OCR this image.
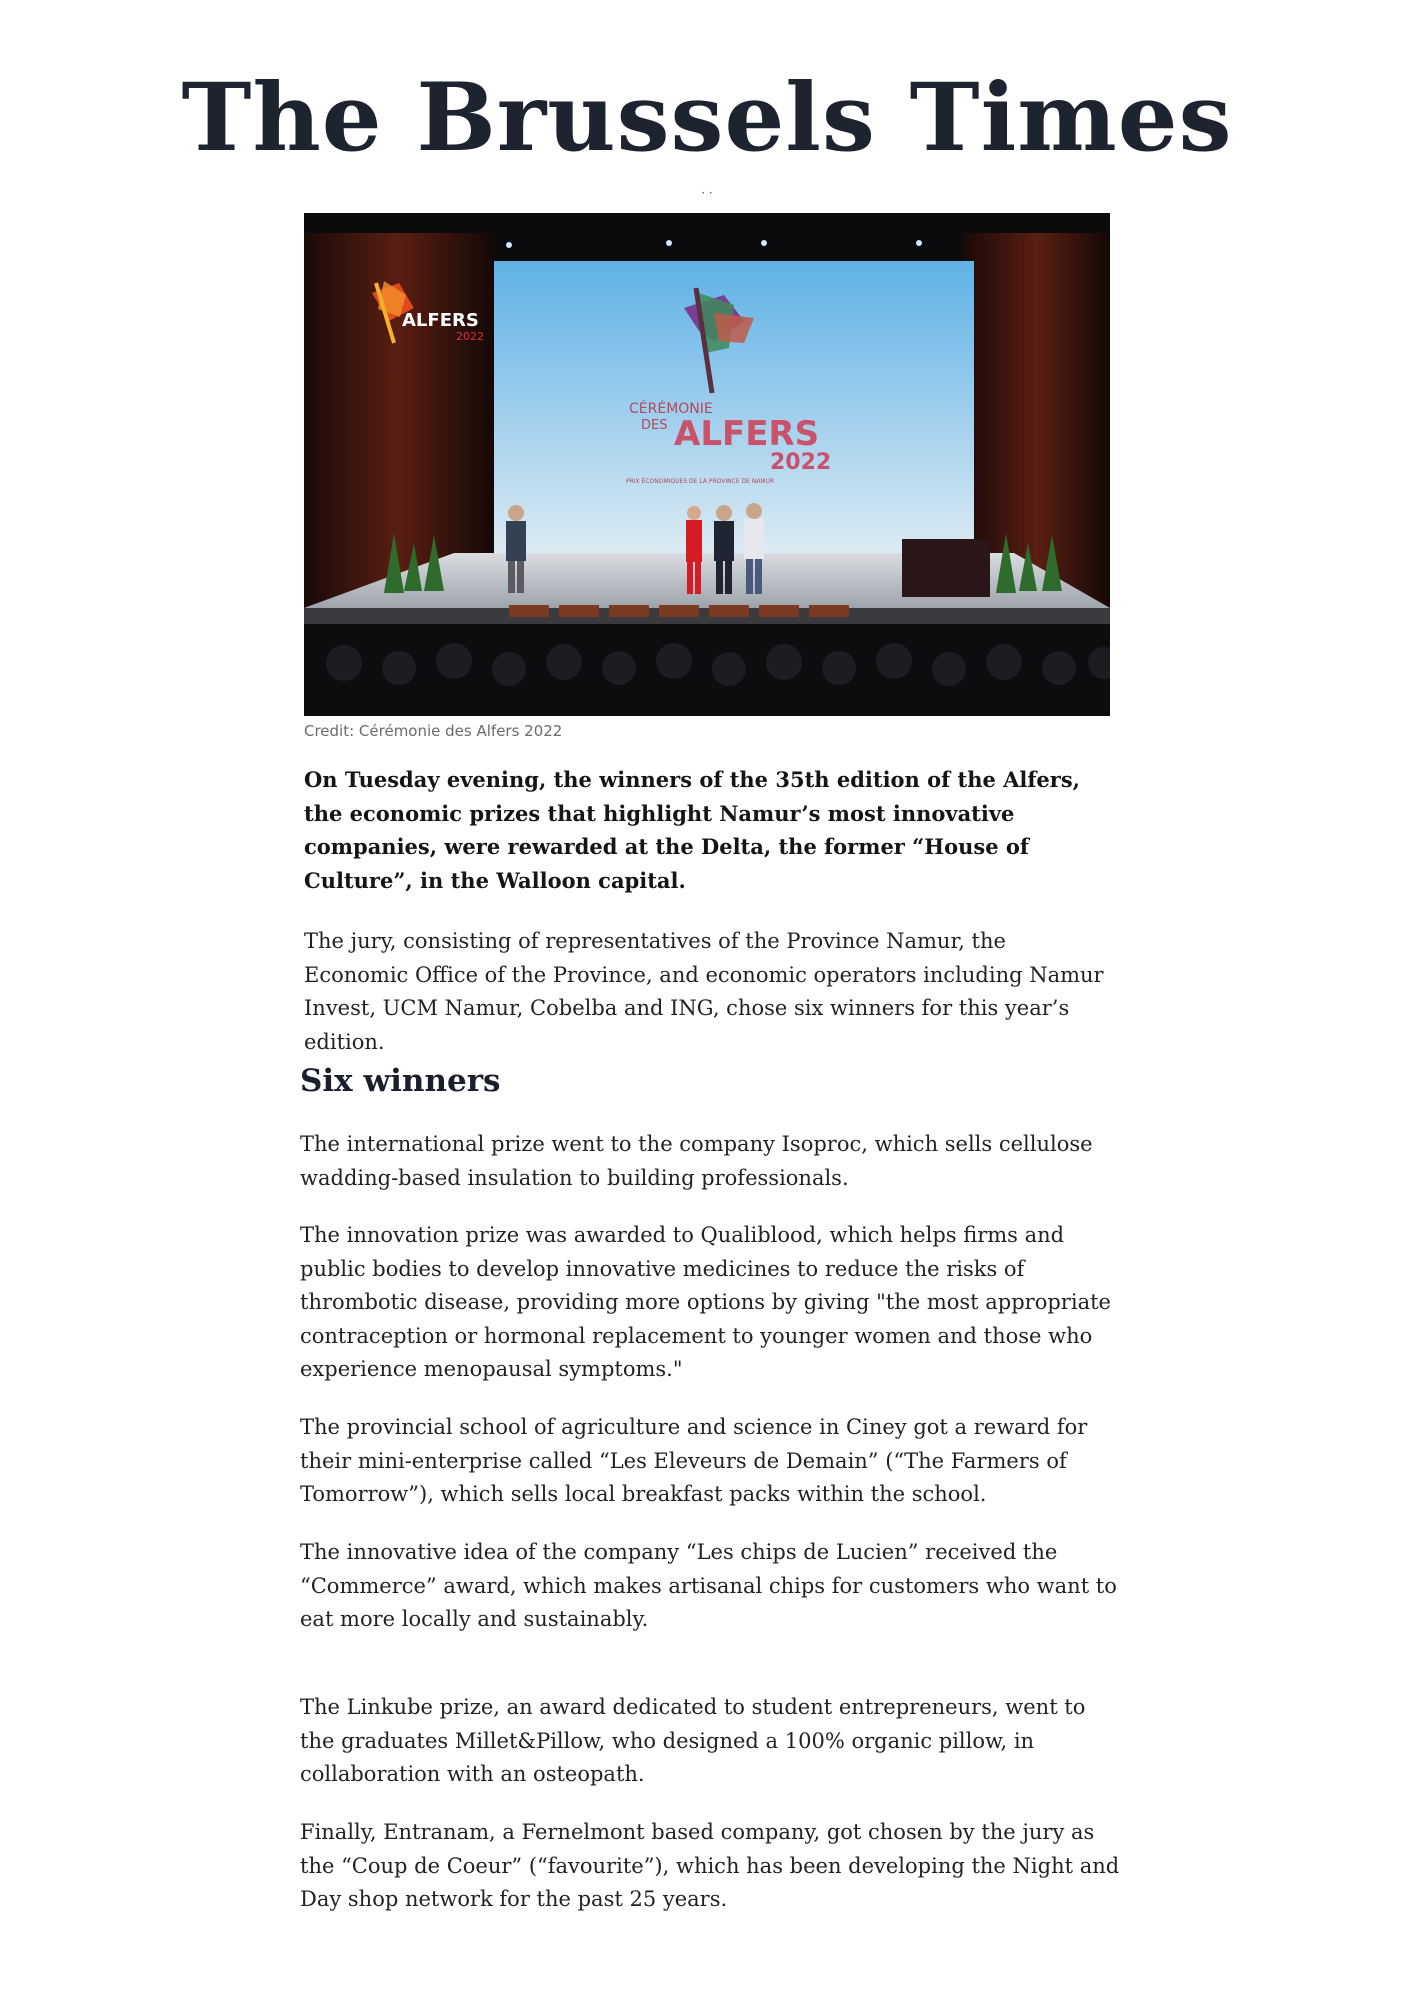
The Brussels Times
· ·
CÉRÉMONIE
DES ALFERS
2022
PRIX ÉCONOMIQUES DE LA PROVINCE DE NAMUR
ALFERS
2022
Credit: Cérémonie des Alfers 2022

On Tuesday evening, the winners of the 35th edition of the Alfers, the economic prizes that highlight Namur’s most innovative companies, were rewarded at the Delta, the former “House of Culture”, in the Walloon capital.

The jury, consisting of representatives of the Province Namur, the Economic Office of the Province, and economic operators including Namur Invest, UCM Namur, Cobelba and ING, chose six winners for this year’s edition.

Six winners

The international prize went to the company Isoproc, which sells cellulose wadding-based insulation to building professionals.

The innovation prize was awarded to Qualiblood, which helps firms and public bodies to develop innovative medicines to reduce the risks of thrombotic disease, providing more options by giving "the most appropriate contraception or hormonal replacement to younger women and those who experience menopausal symptoms."

The provincial school of agriculture and science in Ciney got a reward for their mini-enterprise called “Les Eleveurs de Demain” (“The Farmers of Tomorrow”), which sells local breakfast packs within the school.

The innovative idea of the company “Les chips de Lucien” received the “Commerce” award, which makes artisanal chips for customers who want to eat more locally and sustainably.

The Linkube prize, an award dedicated to student entrepreneurs, went to the graduates Millet&Pillow, who designed a 100% organic pillow, in collaboration with an osteopath.

Finally, Entranam, a Fernelmont based company, got chosen by the jury as the “Coup de Coeur” (“favourite”), which has been developing the Night and Day shop network for the past 25 years.
